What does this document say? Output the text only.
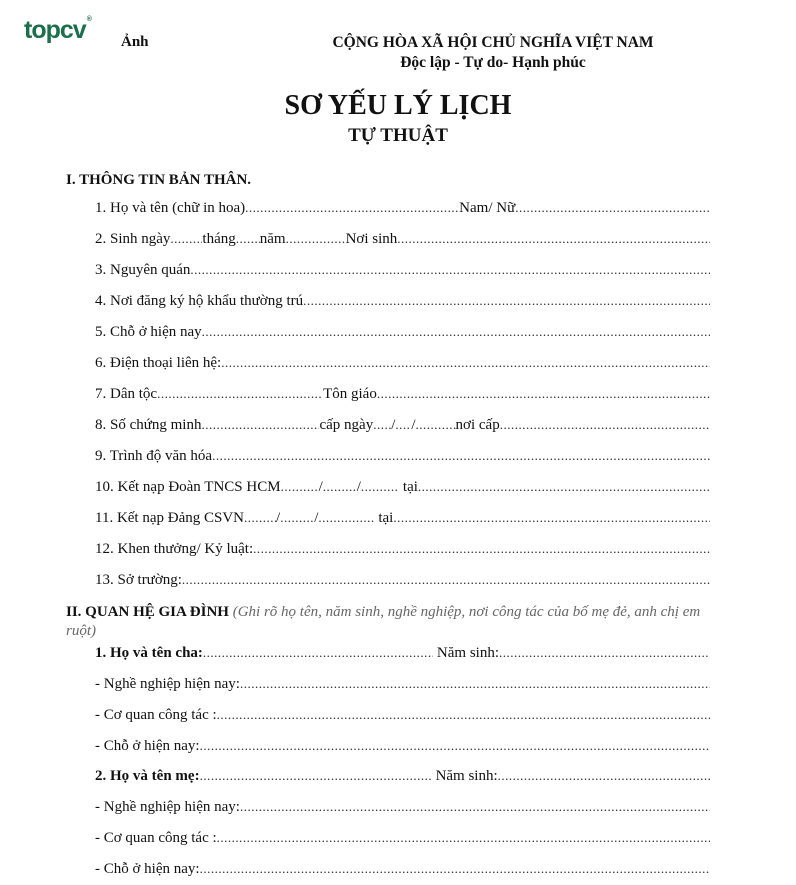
topcv®
Ảnh	CỘNG HÒA XÃ HỘI CHỦ NGHĨA VIỆT NAM
Độc lập - Tự do- Hạnh phúc
SƠ YẾU LÝ LỊCH
TỰ THUẬT
I. THÔNG TIN BẢN THÂN.
1. Họ và tên (chữ in hoa) .....	Nam/ Nữ
.....
2. Sinh ngày ..... tháng ..... năm .....	Nơi sinh
.....
3. Nguyên quán
.....
4. Nơi đăng ký hộ khẩu thường trú
.....
5. Chỗ ở hiện nay
.....
6. Điện thoại liên hệ:
.....
7. Dân tộc .....	Tôn giáo
.....
8. Số chứng minh .....	cấp ngày ..... / ..... / .....	nơi cấp
.....
9. Trình độ văn hóa
.....
10. Kết nạp Đoàn TNCS HCM .....	/ ..... / .....	tại
.....
11. Kết nạp Đảng CSVN ..... / ..... / .....	tại
.....
12. Khen thưởng/ Kỷ luật:
.....
13. Sở trường:
.....
II. QUAN HỆ GIA ĐÌNH (Ghi rõ họ tên, năm sinh, nghề nghiệp, nơi công tác của bố mẹ đẻ, anh chị em ruột)
1. Họ và tên cha: .....	Năm sinh:
.....
- Nghề nghiệp hiện nay:
.....
- Cơ quan công tác :
.....
- Chỗ ở hiện nay:
.....
2. Họ và tên mẹ: .....	Năm sinh:
.....
- Nghề nghiệp hiện nay:
.....
- Cơ quan công tác :
.....
- Chỗ ở hiện nay:
.....
